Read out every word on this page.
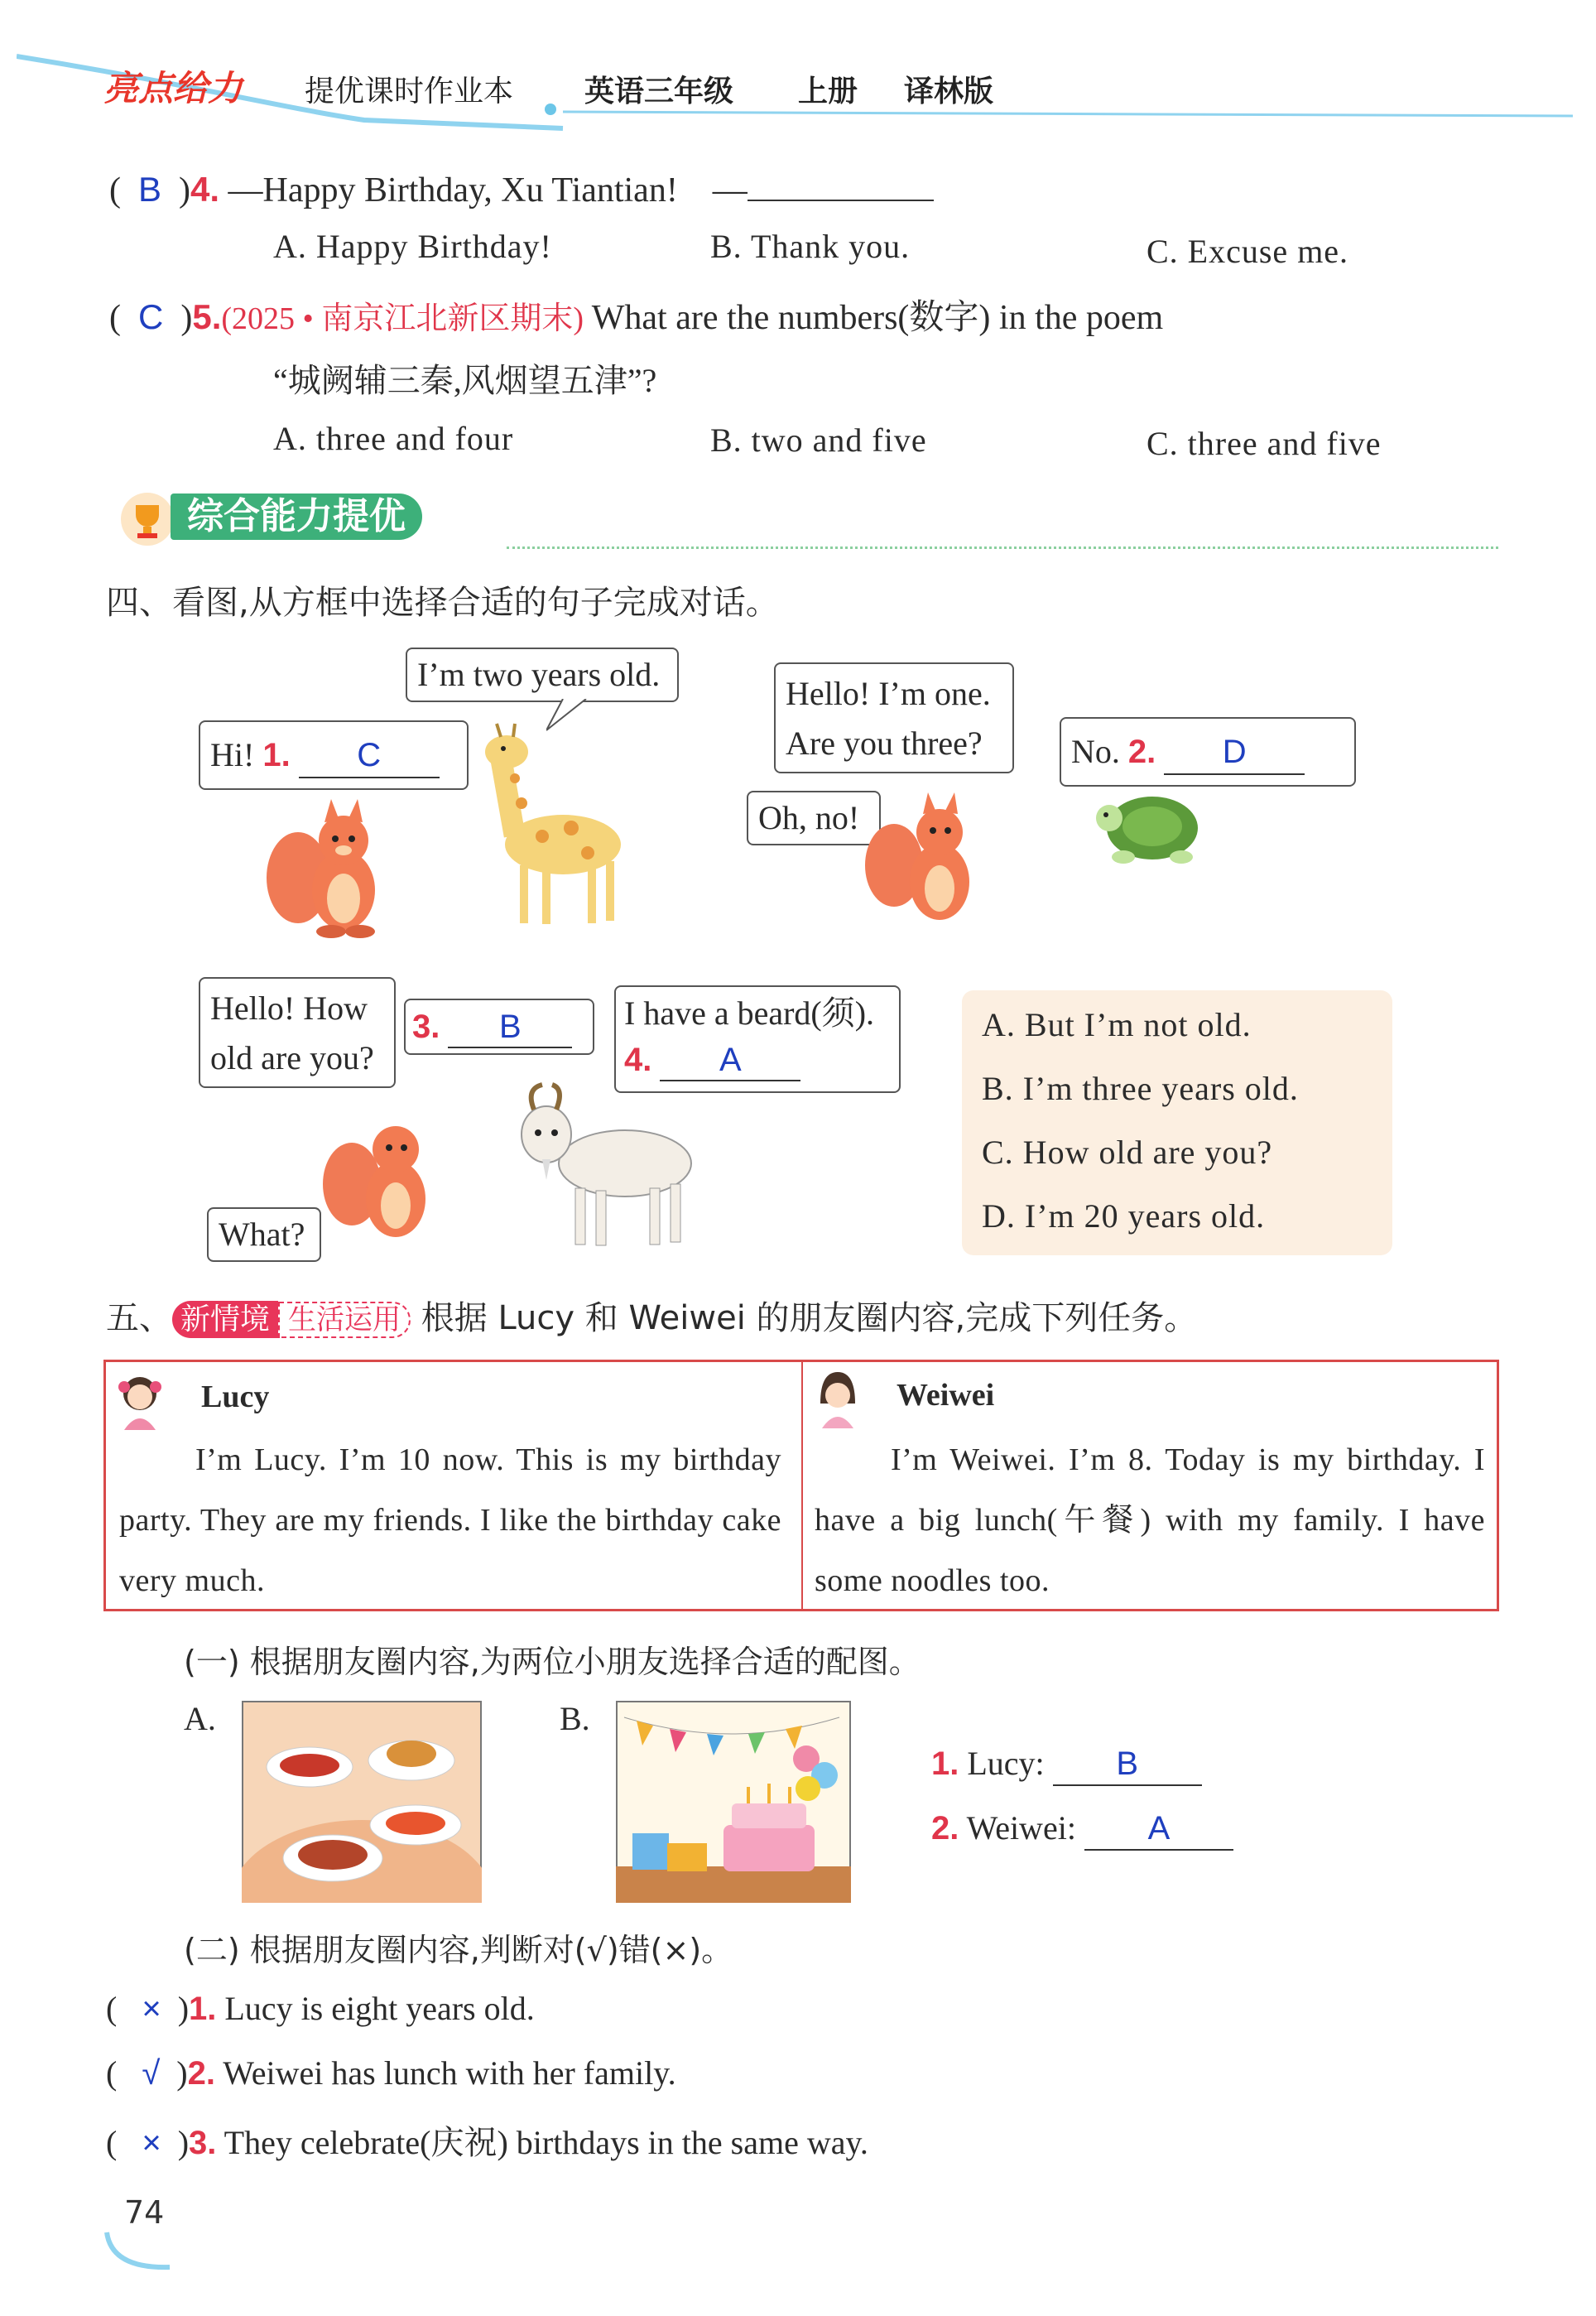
亮点给力 提优课时作业本 英语三年级 上册 译林版
(  B  )4. —Happy Birthday, Xu Tiantian!　—
A. Happy Birthday!	B. Thank you.	C. Excuse me.
(  C  )5.(2025 • 南京江北新区期末) What are the numbers(数字) in the poem
“城阙辅三秦,风烟望五津”?
A. three and four	B. two and five	C. three and five
综合能力提优
四、看图,从方框中选择合适的句子完成对话。
Hi! 1. C
I’m two years old.
Hello! I’m one.
Are you three?
Oh, no!
No. 2. D
Hello! How
old are you?
3. B	I have a beard(须).
4. A
What?
A. But I’m not old.
B. I’m three years old.
C. How old are you?
D. I’m 20 years old.
五、 新情境 生活运用 根据 Lucy 和 Weiwei 的朋友圈内容,完成下列任务。
Lucy
I’m Lucy. I’m 10 now. This is my birthday party. They are my friends. I like the birthday cake very much.
Weiwei
I’m Weiwei. I’m 8. Today is my birthday. I have a big lunch(午餐) with my family. I have some noodles too.
(一) 根据朋友圈内容,为两位小朋友选择合适的配图。
A.	B.
1. Lucy: B
2. Weiwei: A
(二) 根据朋友圈内容,判断对(√)错(×)。
(   ×  )1. Lucy is eight years old.
(   √  )2. Weiwei has lunch with her family.
(   ×  )3. They celebrate(庆祝) birthdays in the same way.
74
